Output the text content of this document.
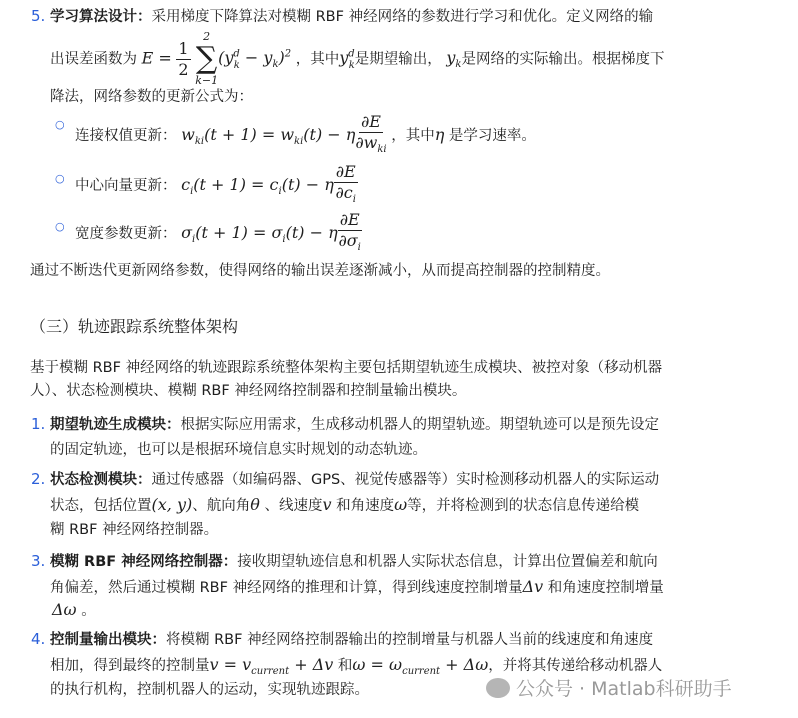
5. 学习算法设计：采用梯度下降算法对模糊 RBF 神经网络的参数进行学习和优化。定义网络的输
出误差函数为 $E = \frac{1}{2}$

2
∑
k−1
$(y^d_k - y_k)^2$ ，其中$y^d_k$是期望输出， $y_k$是网络的实际输出。根据梯度下
降法，网络参数的更新公式为：
○
连接权值更新： $w_{ki}(t + 1) = w_{ki}(t) - \eta \frac{\partial E}{\partial w_{ki}}$ ，其中η 是学习速率。
○ 中心向量更新： $c_i(t + 1) = c_i(t) - \eta \frac{\partial E}{\partial c_i}$
○ 宽度参数更新： $\sigma_i(t + 1) = \sigma_i(t) - \eta \frac{\partial E}{\partial\sigma_i}$
通过不断迭代更新网络参数，使得网络的输出误差逐渐减小，从而提高控制器的控制精度。
（三）轨迹跟踪系统整体架构
基于模糊 RBF 神经网络的轨迹跟踪系统整体架构主要包括期望轨迹生成模块、被控对象（移动机器
人）、状态检测模块、模糊 RBF 神经网络控制器和控制量输出模块。
1. 期望轨迹生成模块：根据实际应用需求，生成移动机器人的期望轨迹。期望轨迹可以是预先设定
的固定轨迹，也可以是根据环境信息实时规划的动态轨迹。
2. 状态检测模块：通过传感器（如编码器、GPS、视觉传感器等）实时检测移动机器人的实际运动
状态，包括位置(x, y)、航向角θ 、线速度v 和角速度ω等，并将检测到的状态信息传递给模
糊 RBF 神经网络控制器。
3. 模糊 RBF 神经网络控制器：接收期望轨迹信息和机器人实际状态信息，计算出位置偏差和航向
角偏差，然后通过模糊 RBF 神经网络的推理和计算，得到线速度控制增量Δv 和角速度控制增量
Δω 。
4. 控制量输出模块：将模糊 RBF 神经网络控制器输出的控制增量与机器人当前的线速度和角速度
相加，得到最终的控制量$v = v_{current} + \Delta v$ 和$\omega = \omega_{current} + \Delta\omega$，并将其传递给移动机器人
的执行机构，控制机器人的运动，实现轨迹跟踪。	公众号 · Matlab科研助手
